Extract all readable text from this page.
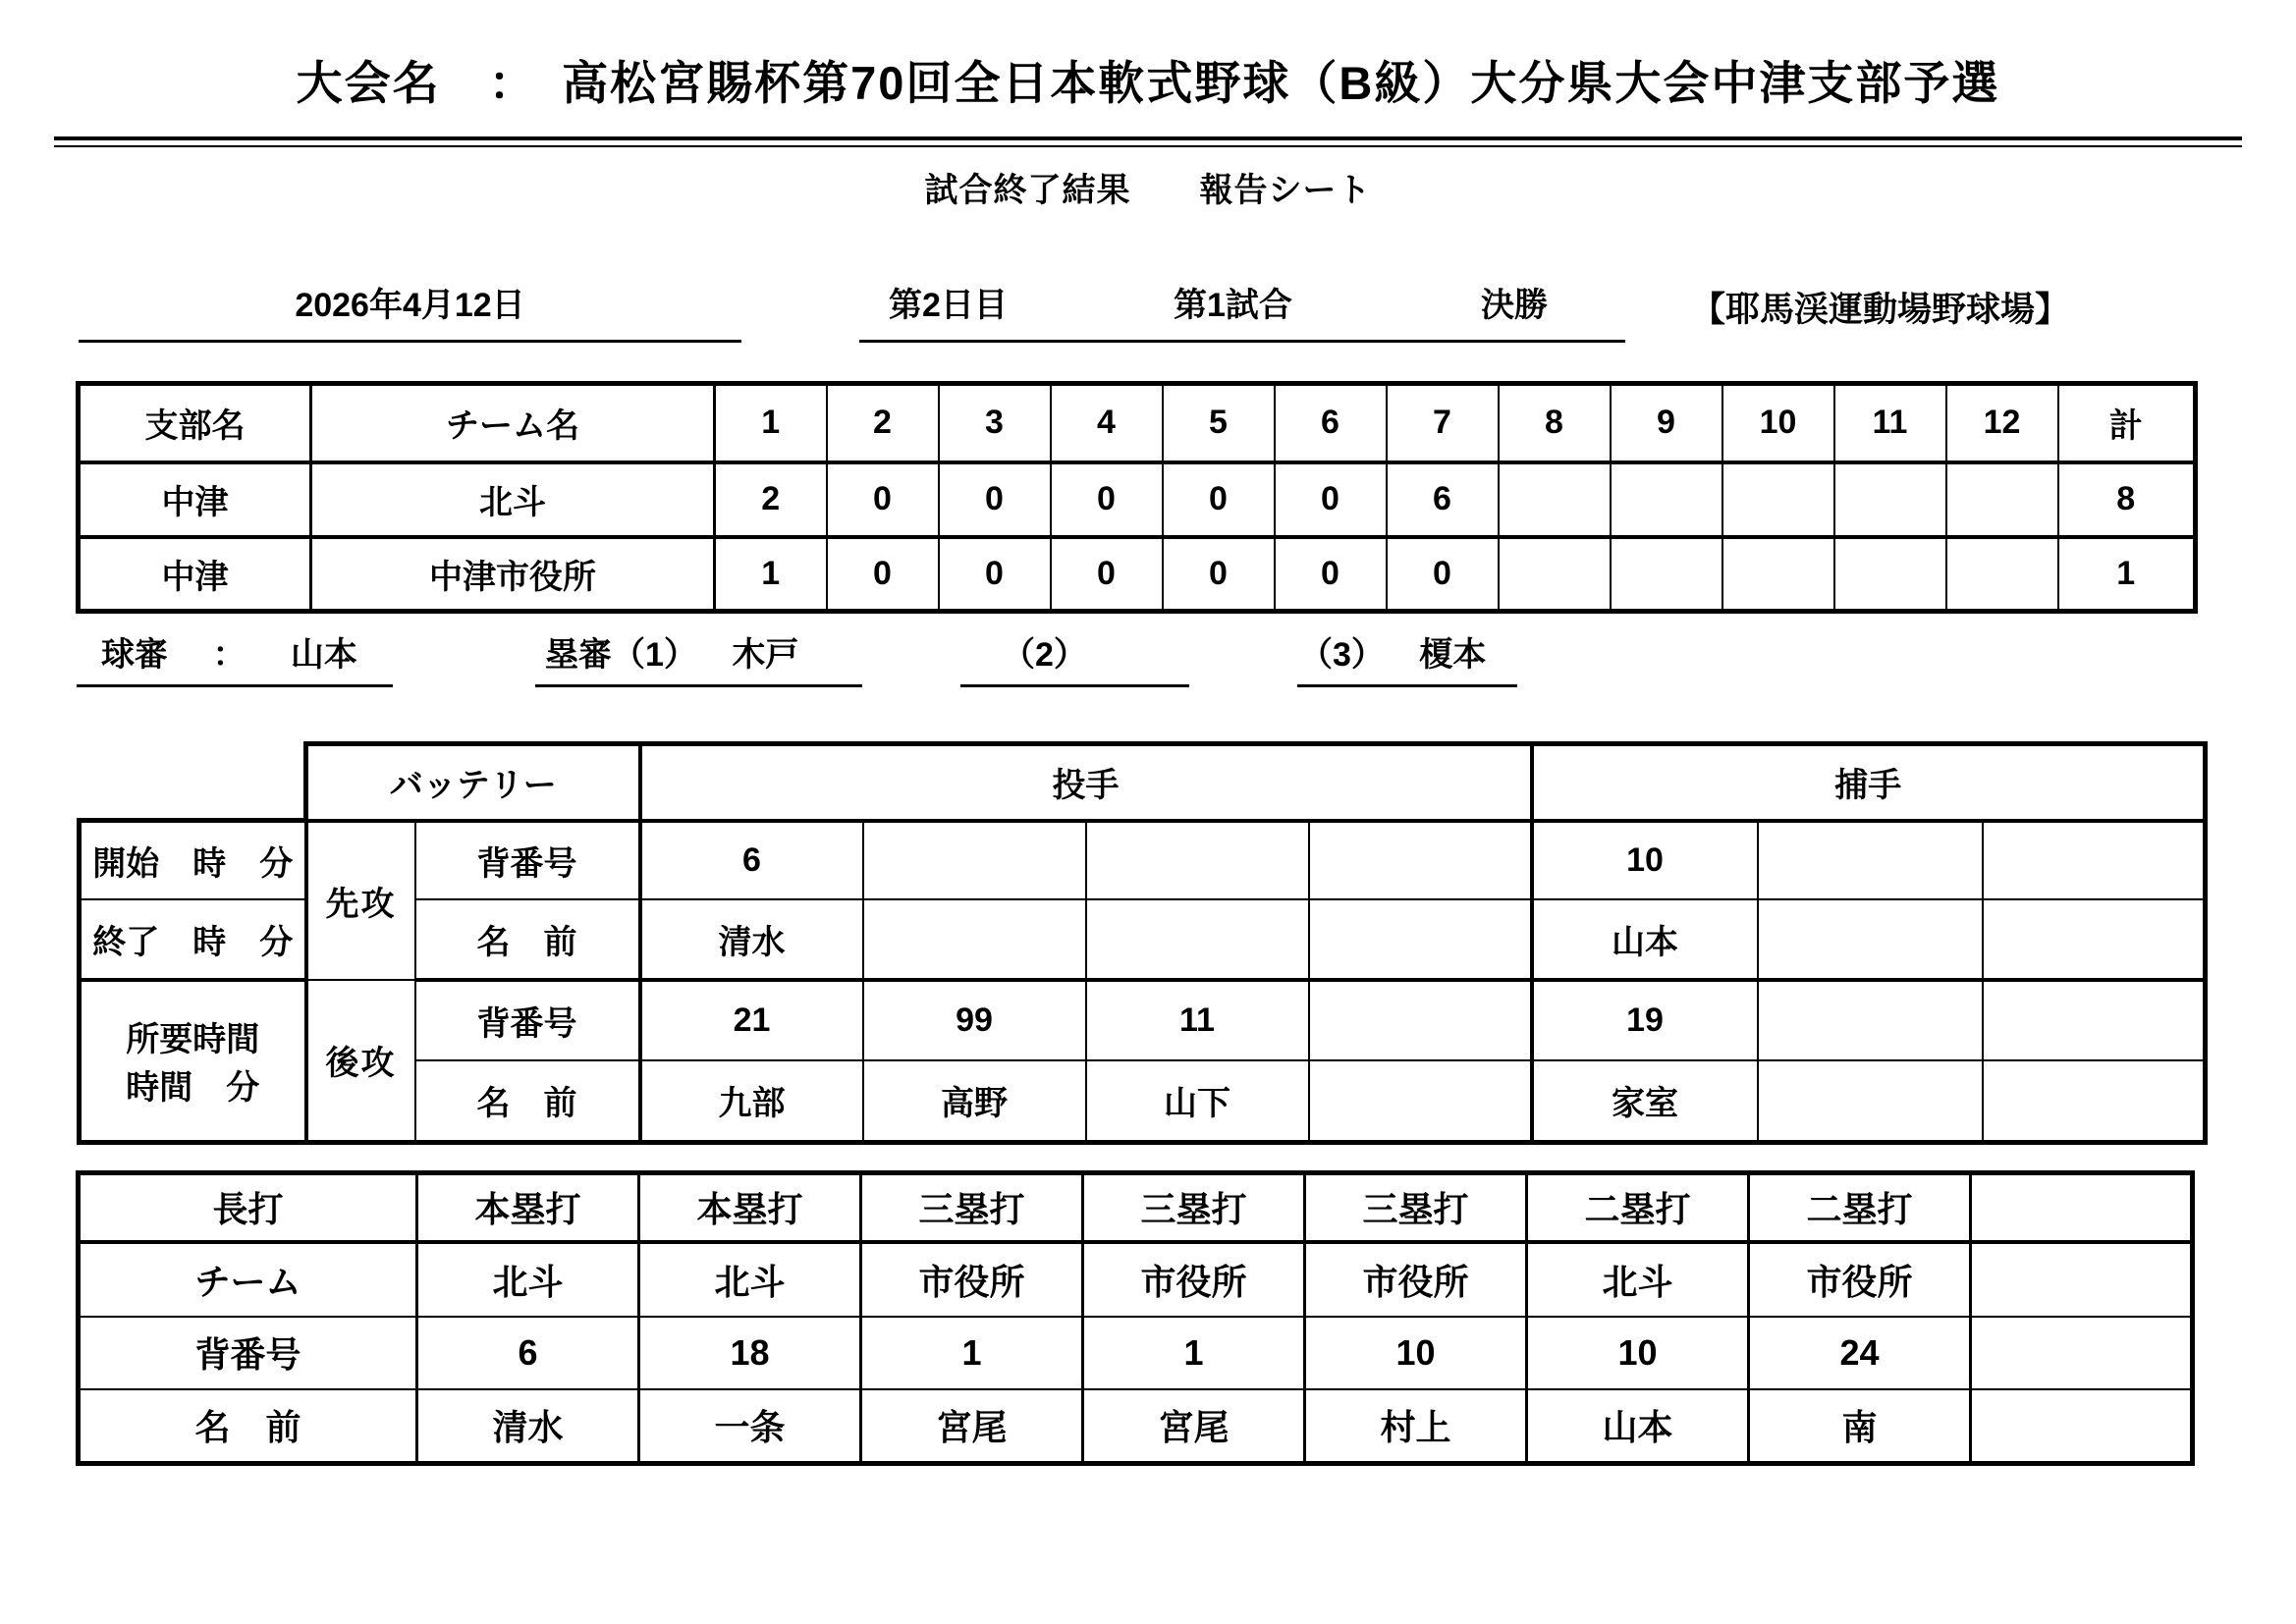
大会名　：　高松宮賜杯第70回全日本軟式野球（B級）大分県大会中津支部予選
試合終了結果　　報告シート
2026年4月12日	第2日目	第1試合	決勝	【耶馬渓運動場野球場】
支部名	チーム名	1	2	3	4	5	6	7	8	9	10	11	12	計
中津	北斗	2	0	0	0	0	0	6						8
中津	中津市役所	1	0	0	0	0	0	0						1
球審 ： 山本	塁審（1） 木戸	（2）	（3） 榎本
	バッテリー		投手				捕手		
開始　時　分	先攻	背番号	6				10		
終了　時　分		名　前	清水				山本		

所要時間
時間　分	後攻	背番号	21	99	11		19		
		名　前	九部	高野	山下		家室		
長打	本塁打	本塁打	三塁打	三塁打	三塁打	二塁打	二塁打	
チーム	北斗	北斗	市役所	市役所	市役所	北斗	市役所	
背番号	6	18	1	1	10	10	24	
名　前	清水	一条	宮尾	宮尾	村上	山本	南	
